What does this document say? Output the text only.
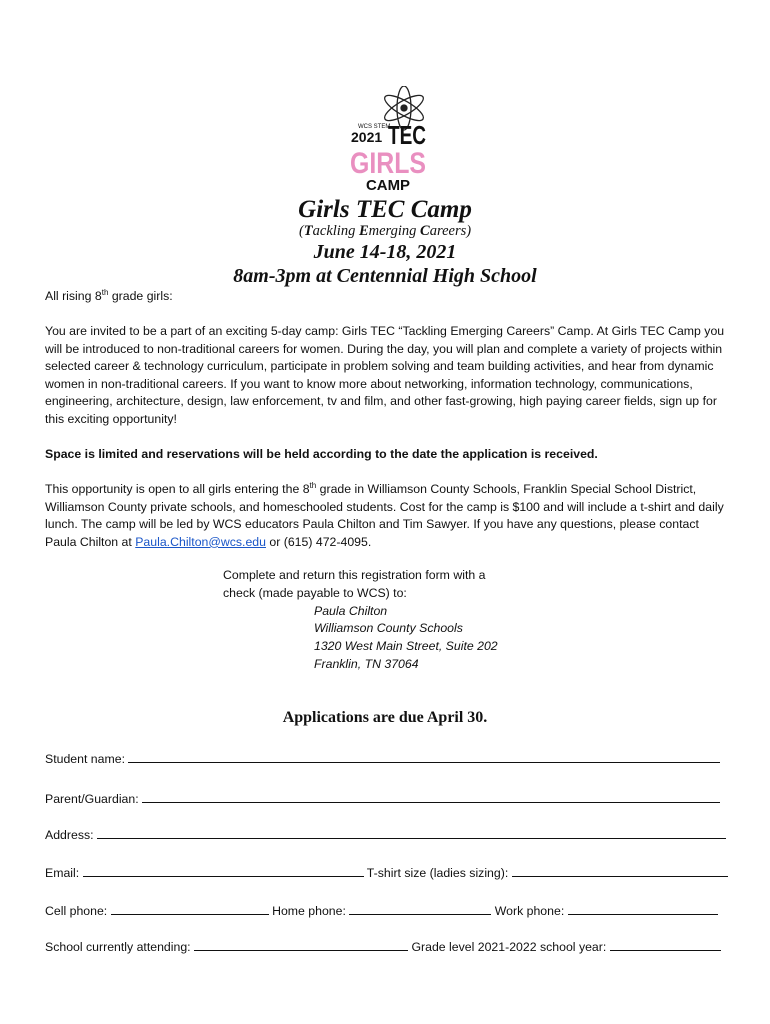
WCS STEM
2021 TEC
GIRLS
CAMP
Girls TEC Camp
(Tackling Emerging Careers)
June 14-18, 2021
8am-3pm at Centennial High School
All rising 8th grade girls:
You are invited to be a part of an exciting 5-day camp: Girls TEC “Tackling Emerging Careers” Camp. At Girls TEC Camp you will be introduced to non-traditional careers for women. During the day, you will plan and complete a variety of projects within selected career & technology curriculum, participate in problem solving and team building activities, and hear from dynamic women in non-traditional careers. If you want to know more about networking, information technology, communications, engineering, architecture, design, law enforcement, tv and film, and other fast-growing, high paying career fields, sign up for this exciting opportunity!
Space is limited and reservations will be held according to the date the application is received.
This opportunity is open to all girls entering the 8th grade in Williamson County Schools, Franklin Special School District, Williamson County private schools, and homeschooled students. Cost for the camp is $100 and will include a t-shirt and daily lunch. The camp will be led by WCS educators Paula Chilton and Tim Sawyer. If you have any questions, please contact Paula Chilton at Paula.Chilton@wcs.edu or (615) 472-4095.
Complete and return this registration form with a
check (made payable to WCS) to:
Paula Chilton
Williamson County Schools
1320 West Main Street, Suite 202
Franklin, TN 37064
Applications are due April 30.
Student name:
Parent/Guardian:
Address:
Email:	T-shirt size (ladies sizing):
Cell phone:	Home phone:	Work phone:
School currently attending:	Grade level 2021-2022 school year:
